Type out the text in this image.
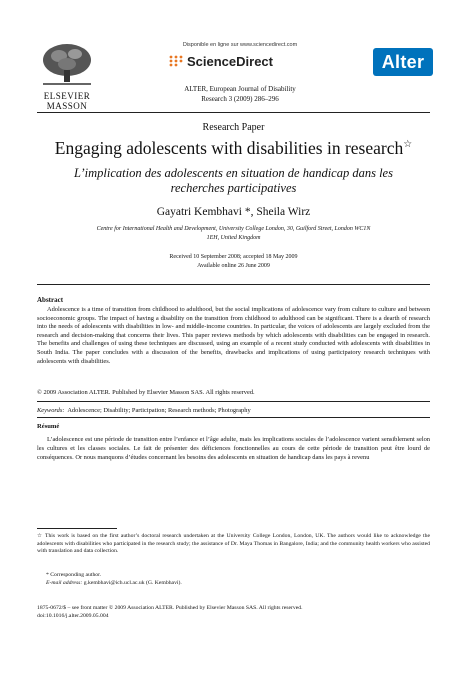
ELSEVIER
MASSON
Disponible en ligne sur www.sciencedirect.com
ScienceDirect
ALTER, European Journal of Disability
Research 3 (2009) 286–296
Alter
Research Paper
Engaging adolescents with disabilities in research☆
L’implication des adolescents en situation de handicap dans les recherches participatives
Gayatri Kembhavi *, Sheila Wirz
Centre for International Health and Development, University College London, 30, Guilford Street, London WC1N 1EH, United Kingdom
Received 10 September 2008; accepted 18 May 2009
Available online 26 June 2009
Abstract
Adolescence is a time of transition from childhood to adulthood, but the social implications of adolescence vary from culture to culture and between socioeconomic groups. The impact of having a disability on the transition from childhood to adulthood can be significant. There is a dearth of research into the needs of adolescents with disabilities in low- and middle-income countries. In particular, the voices of adolescents are largely excluded from the research and decision-making that concerns their lives. This paper reviews methods by which adolescents with disabilities can be engaged in research. The benefits and challenges of using these techniques are discussed, using an example of a recent study conducted with adolescents with disabilities in South India. The paper concludes with a discussion of the benefits, drawbacks and implications of using participatory research techniques with adolescents with disabilities.
© 2009 Association ALTER. Published by Elsevier Masson SAS. All rights reserved.
Keywords: Adolescence; Disability; Participation; Research methods; Photography
Résumé
L’adolescence est une période de transition entre l’enfance et l’âge adulte, mais les implications sociales de l’adolescence varient sensiblement selon les cultures et les classes sociales. Le fait de présenter des déficiences fonctionnelles au cours de cette période de transition peut être lourd de conséquences. Or nous manquons d’études concernant les besoins des adolescents en situation de handicap dans les pays à revenu
☆ This work is based on the first author’s doctoral research undertaken at the University College London, London, UK. The authors would like to acknowledge the adolescents with disabilities who participated in the research study; the assistance of Dr. Maya Thomas in Bangalore, India; and the community health workers who assisted with translation and data collection.
* Corresponding author.
E-mail address: g.kembhavi@ich.ucl.ac.uk (G. Kembhavi).
1875-0672/$ – see front matter © 2009 Association ALTER. Published by Elsevier Masson SAS. All rights reserved.
doi:10.1016/j.alter.2009.05.004
